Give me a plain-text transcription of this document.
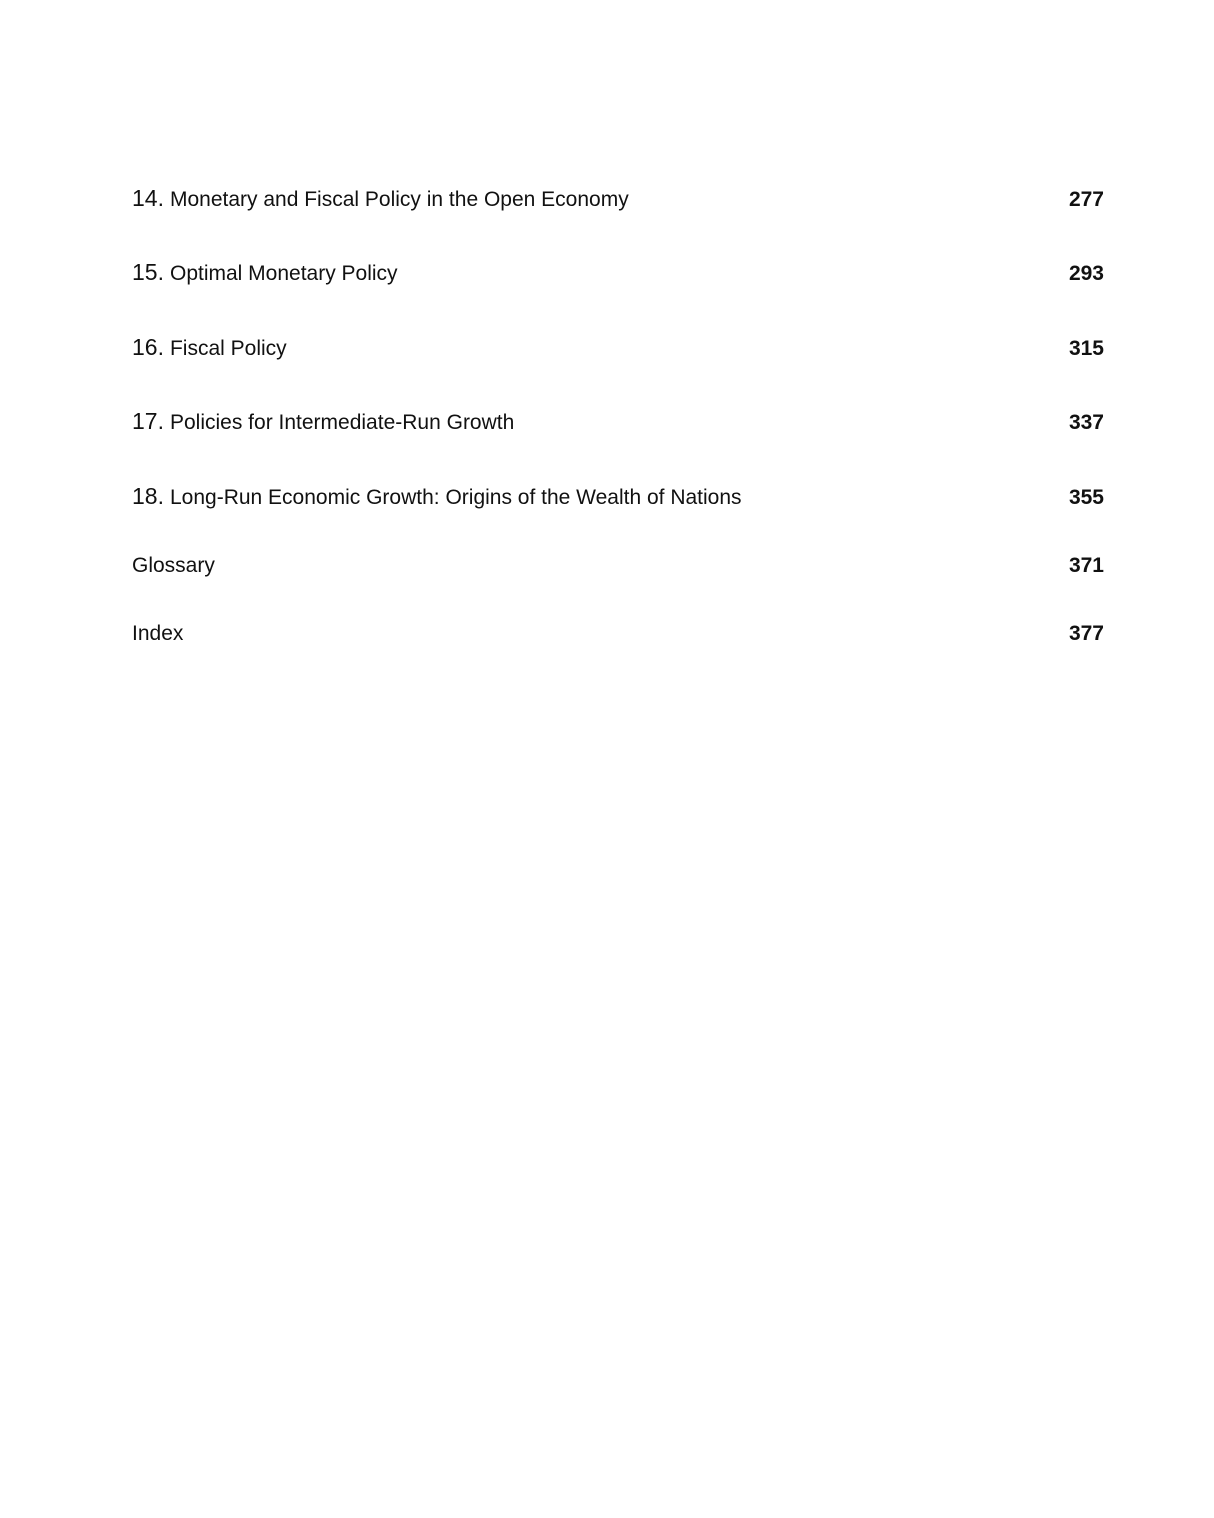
14. Monetary and Fiscal Policy in the Open Economy	277
15. Optimal Monetary Policy	293
16. Fiscal Policy	315
17. Policies for Intermediate-Run Growth	337
18. Long-Run Economic Growth: Origins of the Wealth of Nations	355
Glossary	371
Index	377
